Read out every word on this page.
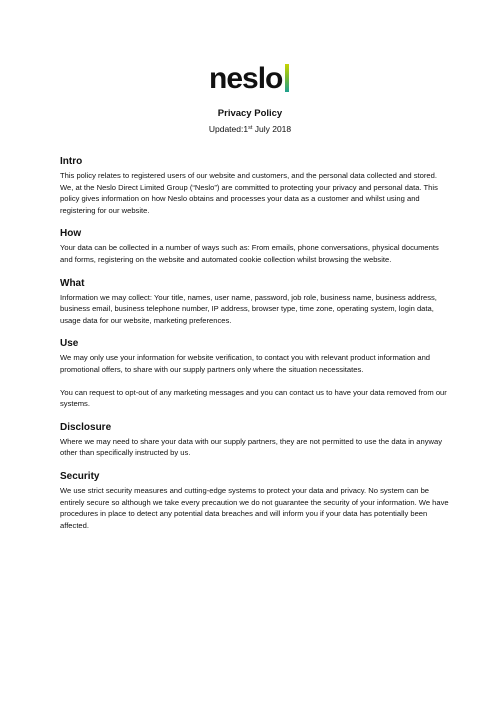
neslo
Privacy Policy
Updated:1st July 2018
Intro

This policy relates to registered users of our website and customers, and the personal data collected and stored. We, at the Neslo Direct Limited Group (“Neslo”) are committed to protecting your privacy and personal data. This policy gives information on how Neslo obtains and processes your data as a customer and whilst using and registering for our website.

How

Your data can be collected in a number of ways such as: From emails, phone conversations, physical documents and forms, registering on the website and automated cookie collection whilst browsing the website.

What

Information we may collect: Your title, names, user name, password, job role, business name, business address, business email, business telephone number, IP address, browser type, time zone, operating system, login data, usage data for our website, marketing preferences.

Use

We may only use your information for website verification, to contact you with relevant product information and promotional offers, to share with our supply partners only where the situation necessitates.

You can request to opt-out of any marketing messages and you can contact us to have your data removed from our systems.

Disclosure

Where we may need to share your data with our supply partners, they are not permitted to use the data in anyway other than specifically instructed by us.

Security

We use strict security measures and cutting-edge systems to protect your data and privacy. No system can be entirely secure so although we take every precaution we do not guarantee the security of your information. We have procedures in place to detect any potential data breaches and will inform you if your data has potentially been affected.
